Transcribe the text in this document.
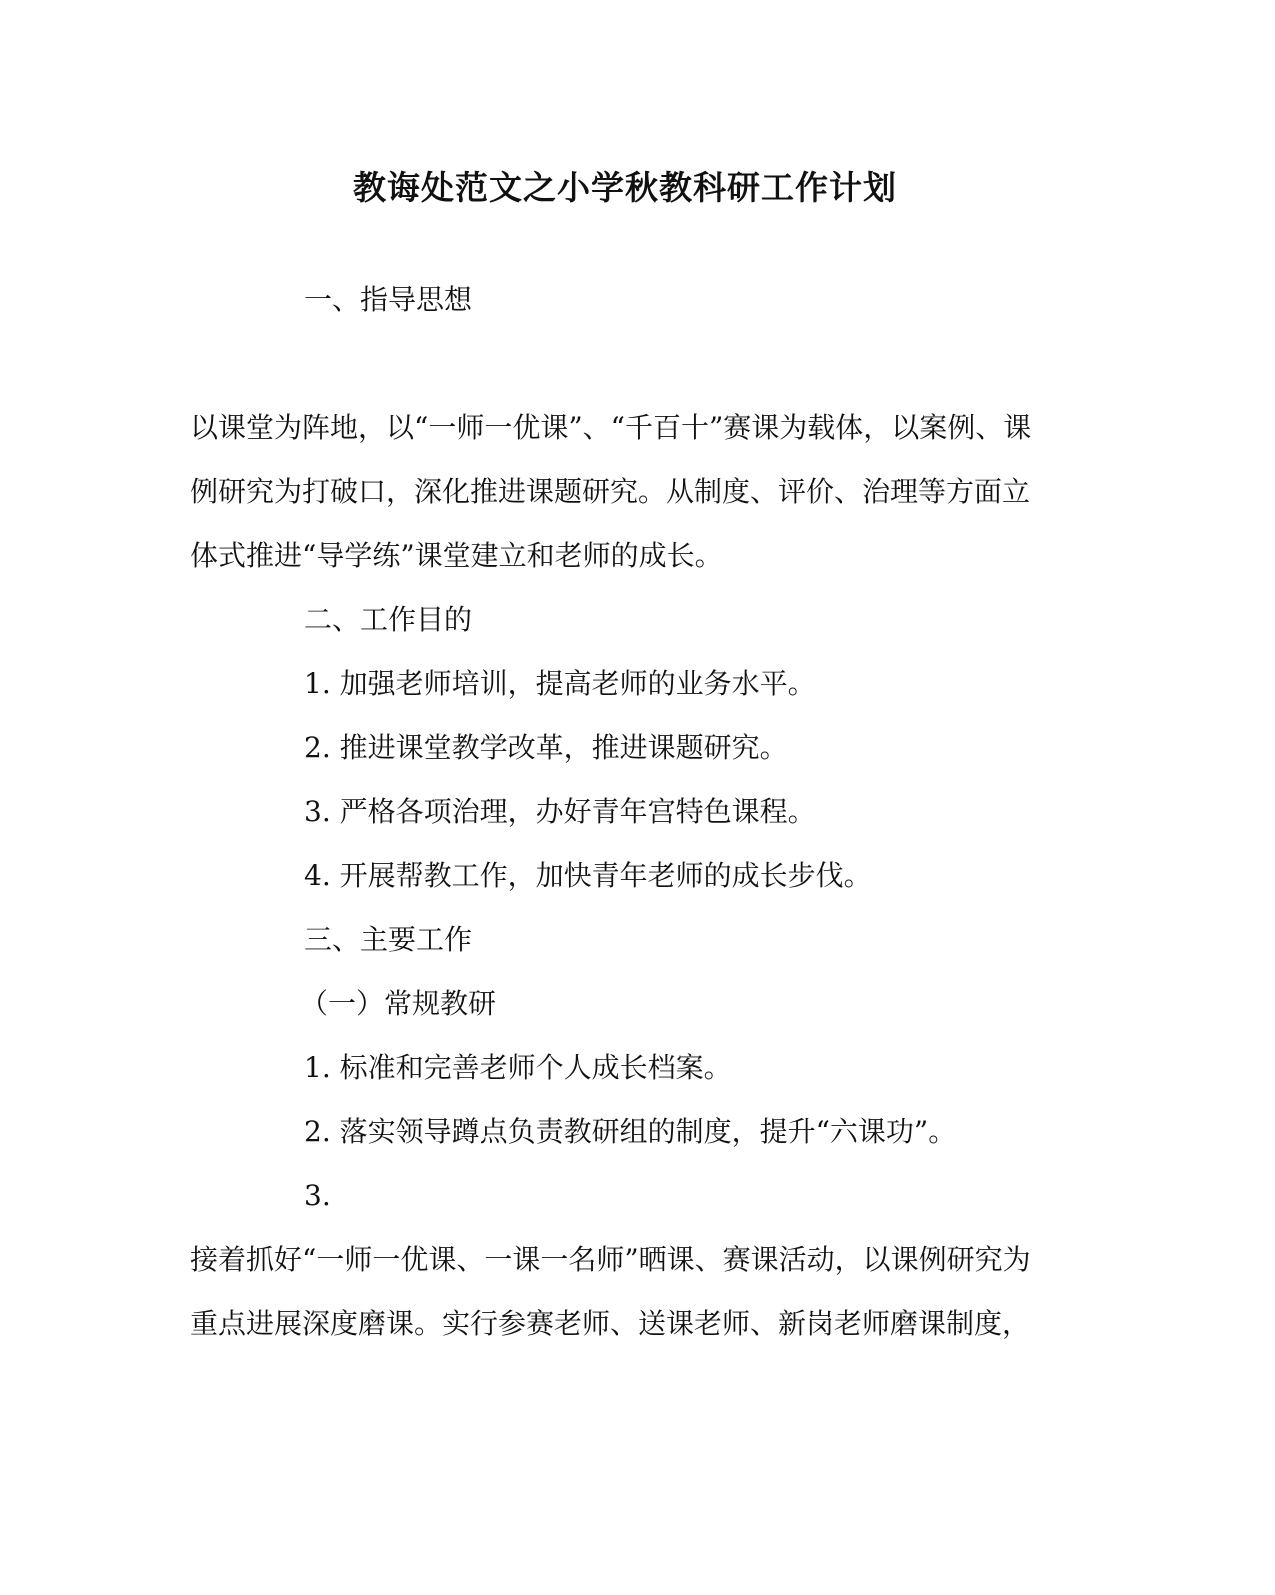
教诲处范文之小学秋教科研工作计划

一、指导思想

以课堂为阵地，以“一师一优课”、“千百十”赛课为载体，以案例、课

例研究为打破口，深化推进课题研究。从制度、评价、治理等方面立

体式推进“导学练”课堂建立和老师的成长。

二、工作目的

1. 加强老师培训，提高老师的业务水平。

2. 推进课堂教学改革，推进课题研究。

3. 严格各项治理，办好青年宫特色课程。

4. 开展帮教工作，加快青年老师的成长步伐。

三、主要工作

（一）常规教研

1. 标准和完善老师个人成长档案。

2. 落实领导蹲点负责教研组的制度，提升“六课功”。

3.

接着抓好“一师一优课、一课一名师”晒课、赛课活动，以课例研究为

重点进展深度磨课。实行参赛老师、送课老师、新岗老师磨课制度，
